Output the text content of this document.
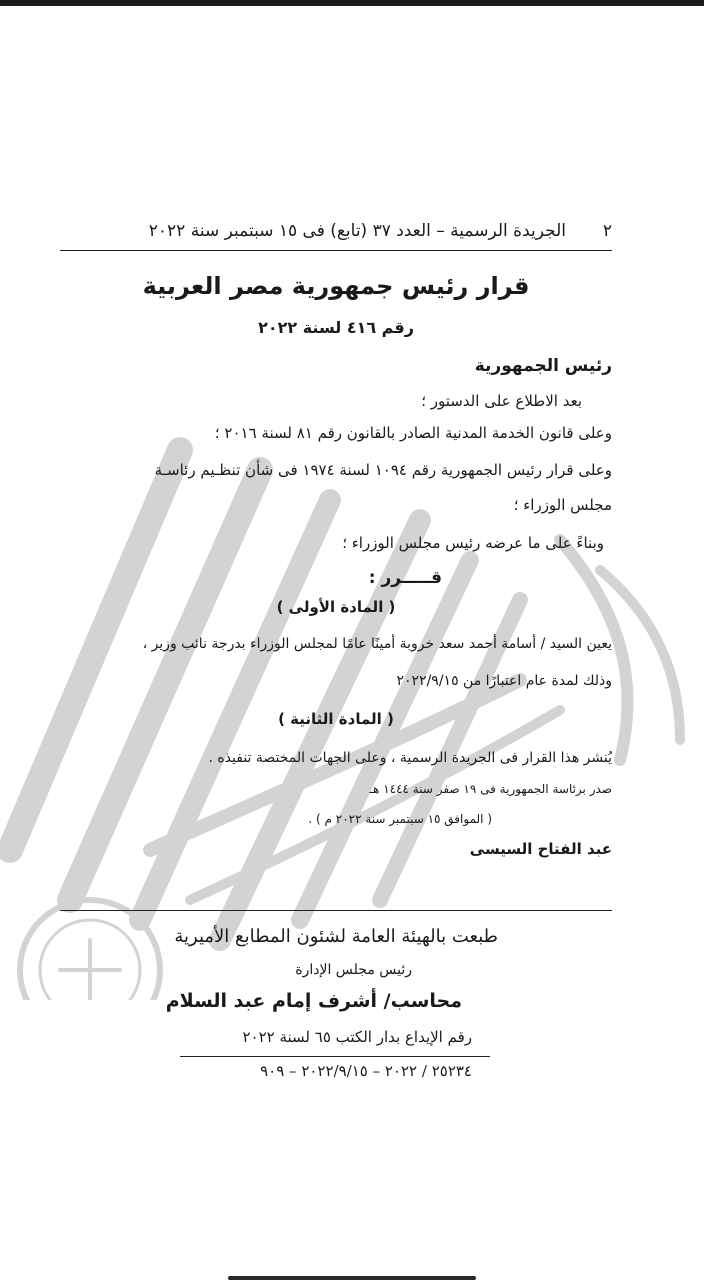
٢
الجريدة الرسمية – العدد ٣٧ (تابع) فى ١٥ سبتمبر سنة ٢٠٢٢
قرار رئيس جمهورية مصر العربية
رقم ٤١٦ لسنة ٢٠٢٢
رئيس الجمهورية
بعد الاطلاع على الدستور ؛
وعلى قانون الخدمة المدنية الصادر بالقانون رقم ٨١ لسنة ٢٠١٦ ؛
وعلى قرار رئيس الجمهورية رقم ١٠٩٤ لسنة ١٩٧٤ فى شأن تنظـيم رئاسـة
مجلس الوزراء ؛
وبناءً على ما عرضه رئيس مجلس الوزراء ؛
قـــــرر :
( المادة الأولى )
يعين السيد / أسامة أحمد سعد خروبة أمينًا عامًا لمجلس الوزراء بدرجة نائب وزير ،
وذلك لمدة عام اعتبارًا من ٢٠٢٢/٩/١٥
( المادة الثانية )
يُنشر هذا القرار فى الجريدة الرسمية ، وعلى الجهات المختصة تنفيذه .
صدر برئاسة الجمهورية فى ١٩ صفر سنة ١٤٤٤ هـ
( الموافق ١٥ سبتمبر سنة ٢٠٢٢ م ) .
عبد الفتاح السيسى
طبعت بالهيئة العامة لشئون المطابع الأميرية
رئيس مجلس الإدارة
محاسب/ أشرف إمام عبد السلام
رقم الإيداع بدار الكتب ٦٥ لسنة ٢٠٢٢
٢٥٢٣٤ / ٢٠٢٢ – ٢٠٢٢/٩/١٥ – ٩٠٩
